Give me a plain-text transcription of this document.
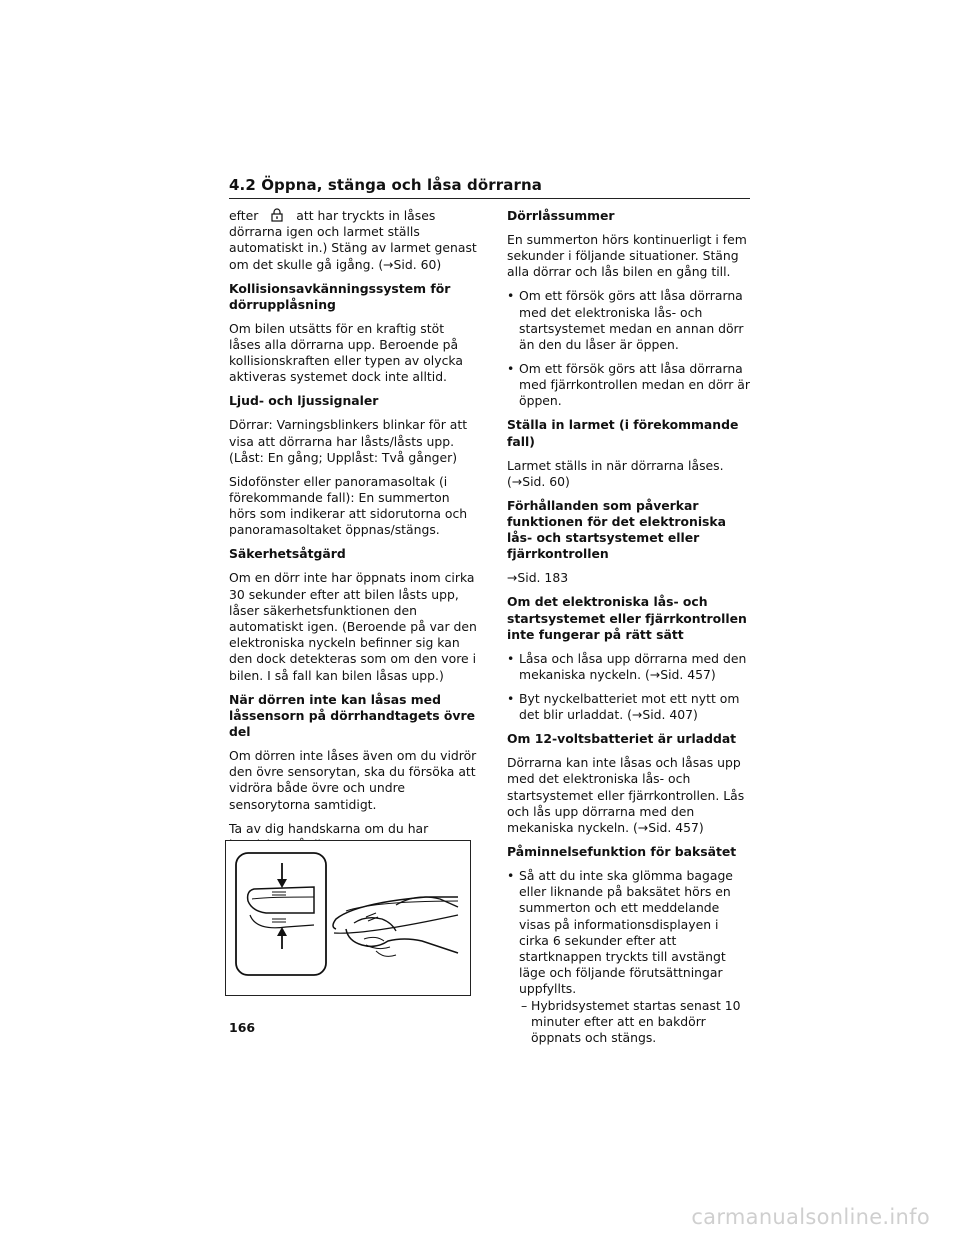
4.2 Öppna, stänga och låsa dörrarna

efter	att har tryckts in låses dörrarna igen och larmet ställs automatiskt in.) Stäng av larmet genast om det skulle gå igång. (→Sid. 60)

Kollisionsavkänningssystem för dörrupplåsning

Om bilen utsätts för en kraftig stöt låses alla dörrarna upp. Beroende på kollisionskraften eller typen av olycka aktiveras systemet dock inte alltid.

Ljud- och ljussignaler

Dörrar: Varningsblinkers blinkar för att visa att dörrarna har låsts/låsts upp. (Låst: En gång; Upplåst: Två gånger)

Sidofönster eller panoramasoltak (i förekommande fall): En summerton hörs som indikerar att sidorutorna och panoramasoltaket öppnas/stängs.

Säkerhetsåtgärd

Om en dörr inte har öppnats inom cirka 30 sekunder efter att bilen låsts upp, låser säkerhetsfunktionen den automatiskt igen. (Beroende på var den elektroniska nyckeln befinner sig kan den dock detekteras som om den vore i bilen. I så fall kan bilen låsas upp.)

När dörren inte kan låsas med låssensorn på dörrhandtagets övre del

Om dörren inte låses även om du vidrör den övre sensorytan, ska du försöka att vidröra både övre och undre sensorytorna samtidigt.

Ta av dig handskarna om du har

Dörrlåssummer

En summerton hörs kontinuerligt i fem sekunder i följande situationer. Stäng alla dörrar och lås bilen en gång till.

• Om ett försök görs att låsa dörrarna med det elektroniska lås- och startsystemet medan en annan dörr än den du låser är öppen.
• Om ett försök görs att låsa dörrarna med fjärrkontrollen medan en dörr är öppen.
Ställa in larmet (i förekommande fall)

Larmet ställs in när dörrarna låses. (→Sid. 60)

Förhållanden som påverkar funktionen för det elektroniska lås- och startsystemet eller fjärrkontrollen

→Sid. 183

Om det elektroniska lås- och startsystemet eller fjärrkontrollen inte fungerar på rätt sätt
• Låsa och låsa upp dörrarna med den mekaniska nyckeln. (→Sid. 457)
• Byt nyckelbatteriet mot ett nytt om det blir urladdat. (→Sid. 407)
Om 12-voltsbatteriet är urladdat

Dörrarna kan inte låsas och låsas upp med det elektroniska lås- och startsystemet eller fjärrkontrollen. Lås och lås upp dörrarna med den mekaniska nyckeln. (→Sid. 457)

Påminnelsefunktion för baksätet
• Så att du inte ska glömma bagage eller liknande på baksätet hörs en summerton och ett meddelande visas på informationsdisplayen i cirka 6 sekunder efter att startknappen tryckts till avstängt läge och följande förutsättningar uppfyllts.
– Hybridsystemet startas senast 10 minuter efter att en bakdörr öppnats och stängs.
166
carmanualsonline.info
